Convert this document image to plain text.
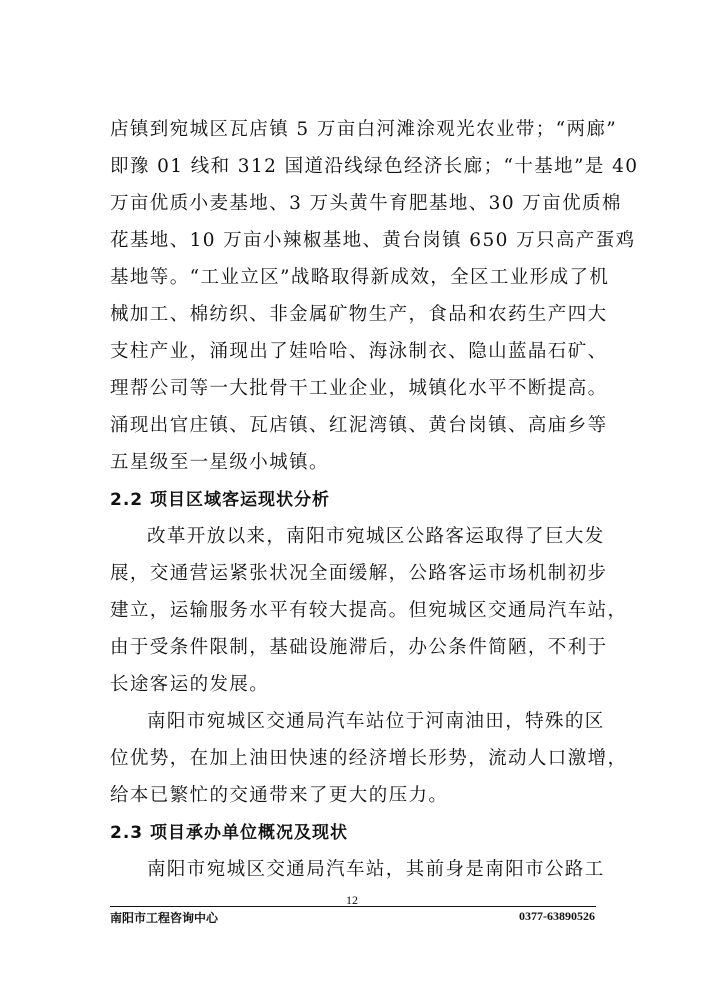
店镇到宛城区瓦店镇 5 万亩白河滩涂观光农业带；“两廊”
即豫 01 线和 312 国道沿线绿色经济长廊；“十基地”是 40
万亩优质小麦基地、3 万头黄牛育肥基地、30 万亩优质棉
花基地、10 万亩小辣椒基地、黄台岗镇 650 万只高产蛋鸡
基地等。“工业立区”战略取得新成效，全区工业形成了机
械加工、棉纺织、非金属矿物生产，食品和农药生产四大
支柱产业，涌现出了娃哈哈、海泳制衣、隐山蓝晶石矿、
理帮公司等一大批骨干工业企业，城镇化水平不断提高。
涌现出官庄镇、瓦店镇、红泥湾镇、黄台岗镇、高庙乡等
五星级至一星级小城镇。
2.2 项目区域客运现状分析
改革开放以来，南阳市宛城区公路客运取得了巨大发
展，交通营运紧张状况全面缓解，公路客运市场机制初步
建立，运输服务水平有较大提高。但宛城区交通局汽车站，
由于受条件限制，基础设施滞后，办公条件简陋，不利于
长途客运的发展。
南阳市宛城区交通局汽车站位于河南油田，特殊的区
位优势，在加上油田快速的经济增长形势，流动人口激增，
给本已繁忙的交通带来了更大的压力。
2.3 项目承办单位概况及现状
南阳市宛城区交通局汽车站，其前身是南阳市公路工
12
南阳市工程咨询中心	0377-63890526
